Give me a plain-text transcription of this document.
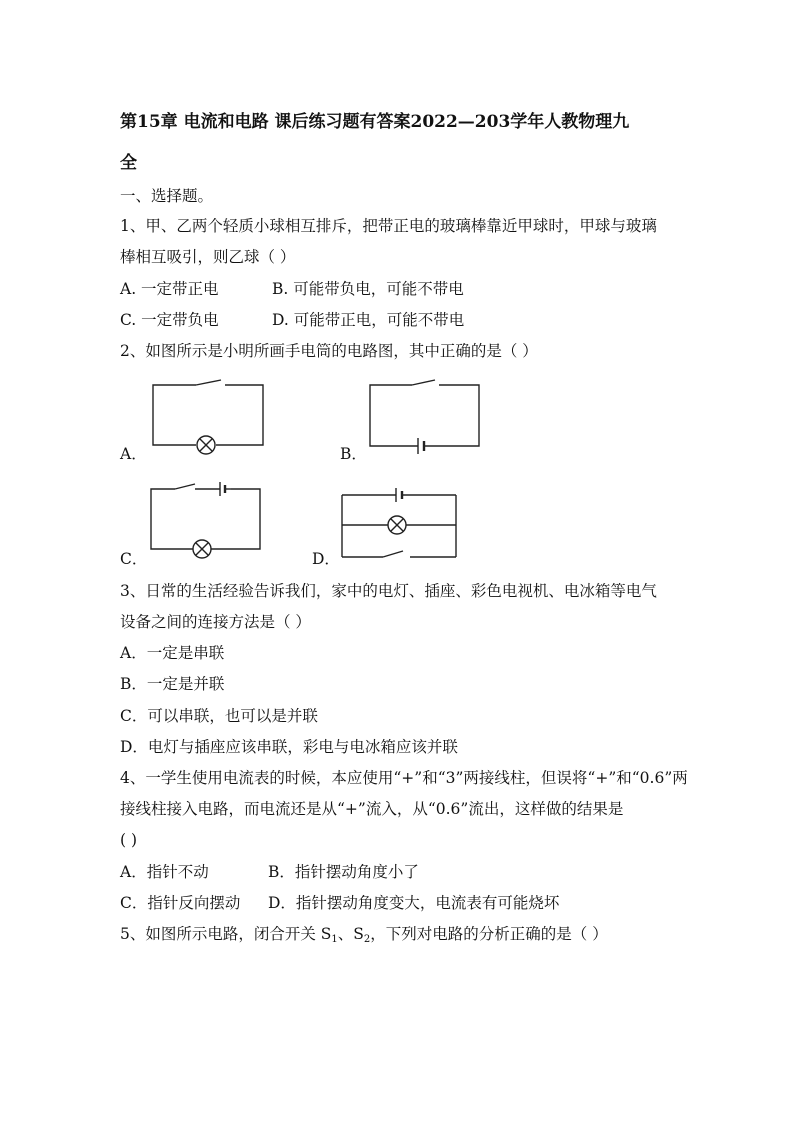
第15章 电流和电路 课后练习题有答案2022—203学年人教物理九
全
一、选择题。
1、甲、乙两个轻质小球相互排斥，把带正电的玻璃棒靠近甲球时，甲球与玻璃
棒相互吸引，则乙球（ ）
A. 一定带正电	B. 可能带负电，可能不带电
C. 一定带负电	D. 可能带正电，可能不带电
2、如图所示是小明所画手电筒的电路图，其中正确的是（ ）
A．	B．
C．	D．
3、日常的生活经验告诉我们，家中的电灯、插座、彩色电视机、电冰箱等电气
设备之间的连接方法是（ ）
A．一定是串联
B．一定是并联
C．可以串联，也可以是并联
D．电灯与插座应该串联，彩电与电冰箱应该并联
4、一学生使用电流表的时候，本应使用“+”和“3”两接线柱，但误将“+”和“0.6”两
接线柱接入电路，而电流还是从“+”流入，从“0.6”流出，这样做的结果是
( )
A．指针不动	B．指针摆动角度小了
C．指针反向摆动 D．指针摆动角度变大，电流表有可能烧坏
5、如图所示电路，闭合开关 $S_1$、$S_2$，下列对电路的分析正确的是（ ）
